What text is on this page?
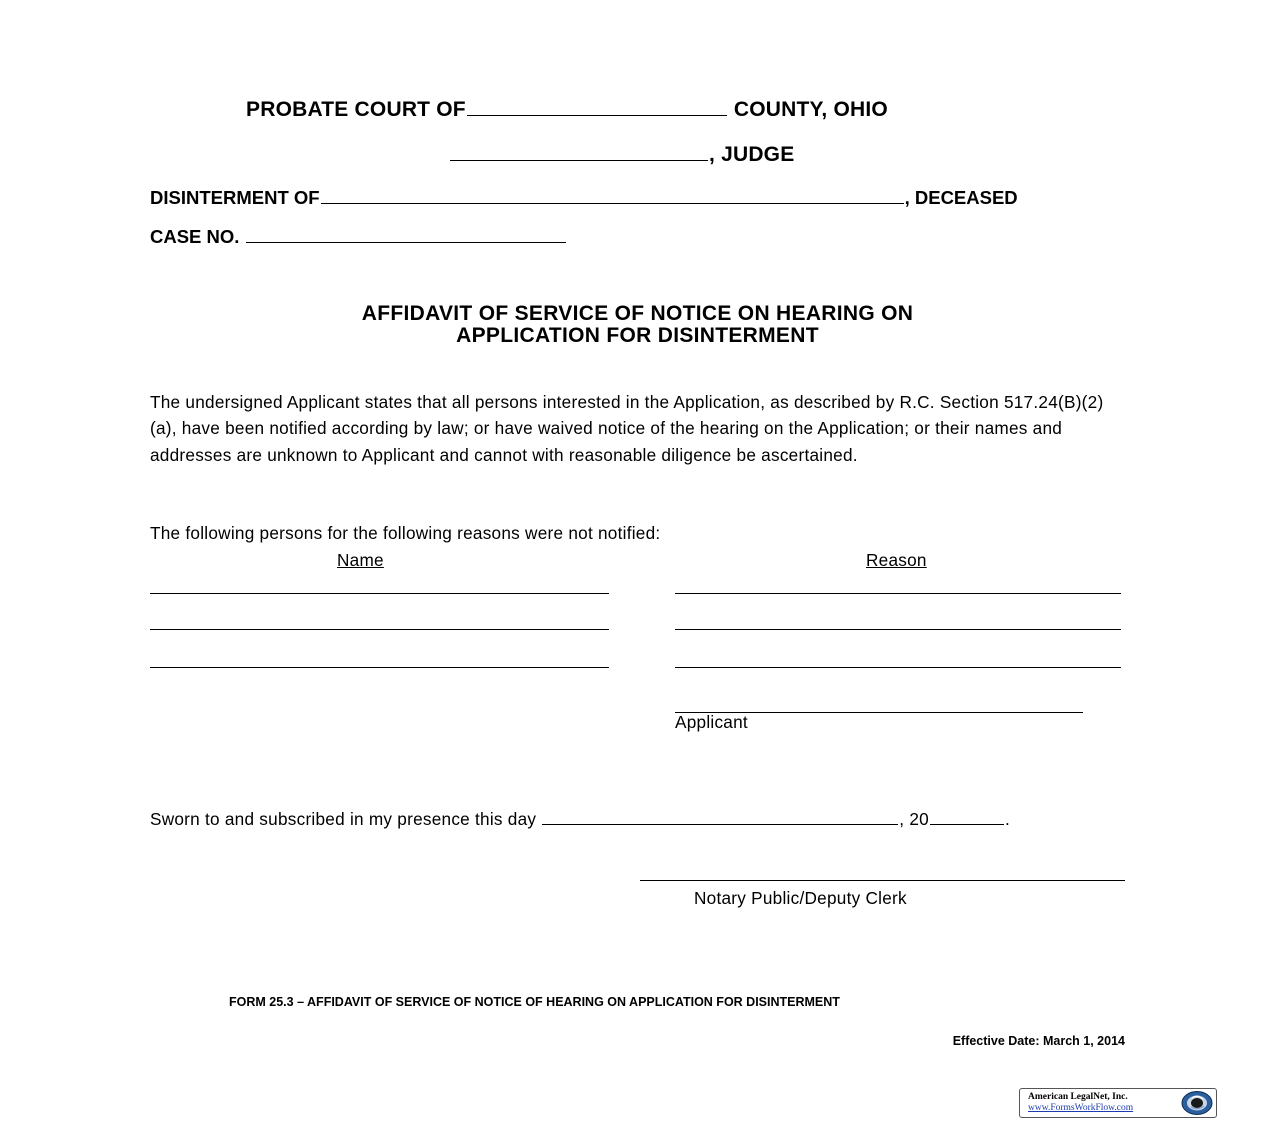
PROBATE COURT OF	COUNTY, OHIO
, JUDGE
DISINTERMENT OF	, DECEASED
CASE NO.
AFFIDAVIT OF SERVICE OF NOTICE ON HEARING ON
APPLICATION FOR DISINTERMENT
The undersigned Applicant states that all persons interested in the Application, as described by R.C. Section 517.24(B)(2)(a), have been notified according by law; or have waived notice of the hearing on the Application; or their names and addresses are unknown to Applicant and cannot with reasonable diligence be ascertained.
The following persons for the following reasons were not notified:
Name	Reason
Applicant
Sworn to and subscribed in my presence this day	, 20	.
Notary Public/Deputy Clerk
FORM 25.3 – AFFIDAVIT OF SERVICE OF NOTICE OF HEARING ON APPLICATION FOR DISINTERMENT
Effective Date: March 1, 2014
American LegalNet, Inc.
www.FormsWorkFlow.com
